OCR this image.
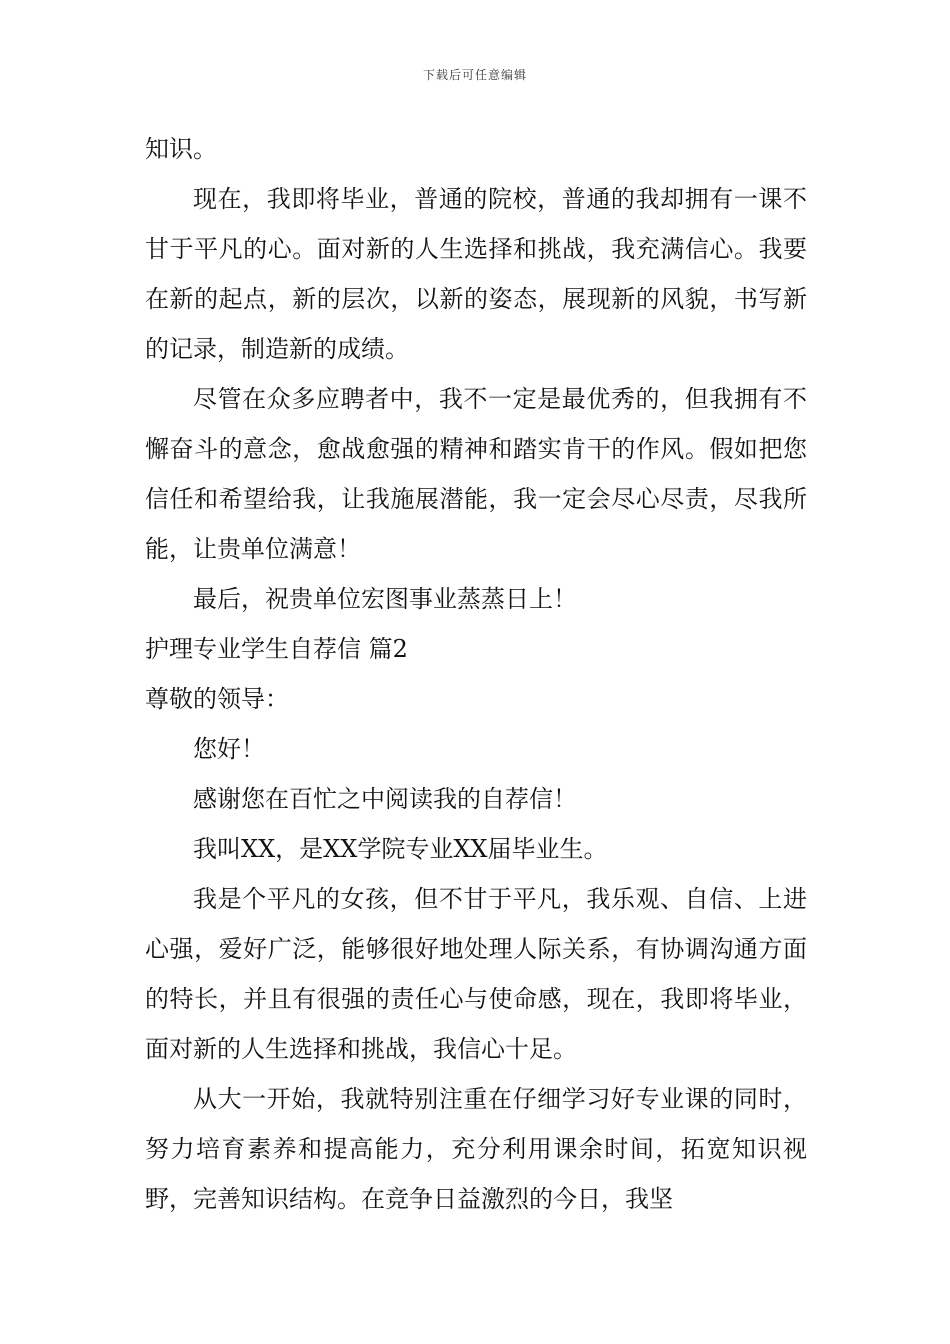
下载后可任意编辑

知识。

现在，我即将毕业，普通的院校，普通的我却拥有一课不甘于平凡的心。面对新的人生选择和挑战，我充满信心。我要在新的起点，新的层次，以新的姿态，展现新的风貌，书写新的记录，制造新的成绩。

尽管在众多应聘者中，我不一定是最优秀的，但我拥有不懈奋斗的意念，愈战愈强的精神和踏实肯干的作风。假如把您信任和希望给我，让我施展潜能，我一定会尽心尽责，尽我所能，让贵单位满意！

最后，祝贵单位宏图事业蒸蒸日上！

护理专业学生自荐信 篇2

尊敬的领导：

您好！

感谢您在百忙之中阅读我的自荐信！

我叫XX，是XX学院专业XX届毕业生。

我是个平凡的女孩，但不甘于平凡，我乐观、自信、上进心强，爱好广泛，能够很好地处理人际关系，有协调沟通方面的特长，并且有很强的责任心与使命感，现在，我即将毕业，面对新的人生选择和挑战，我信心十足。

从大一开始，我就特别注重在仔细学习好专业课的同时，努力培育素养和提高能力，充分利用课余时间，拓宽知识视野，完善知识结构。在竞争日益激烈的今日，我坚
